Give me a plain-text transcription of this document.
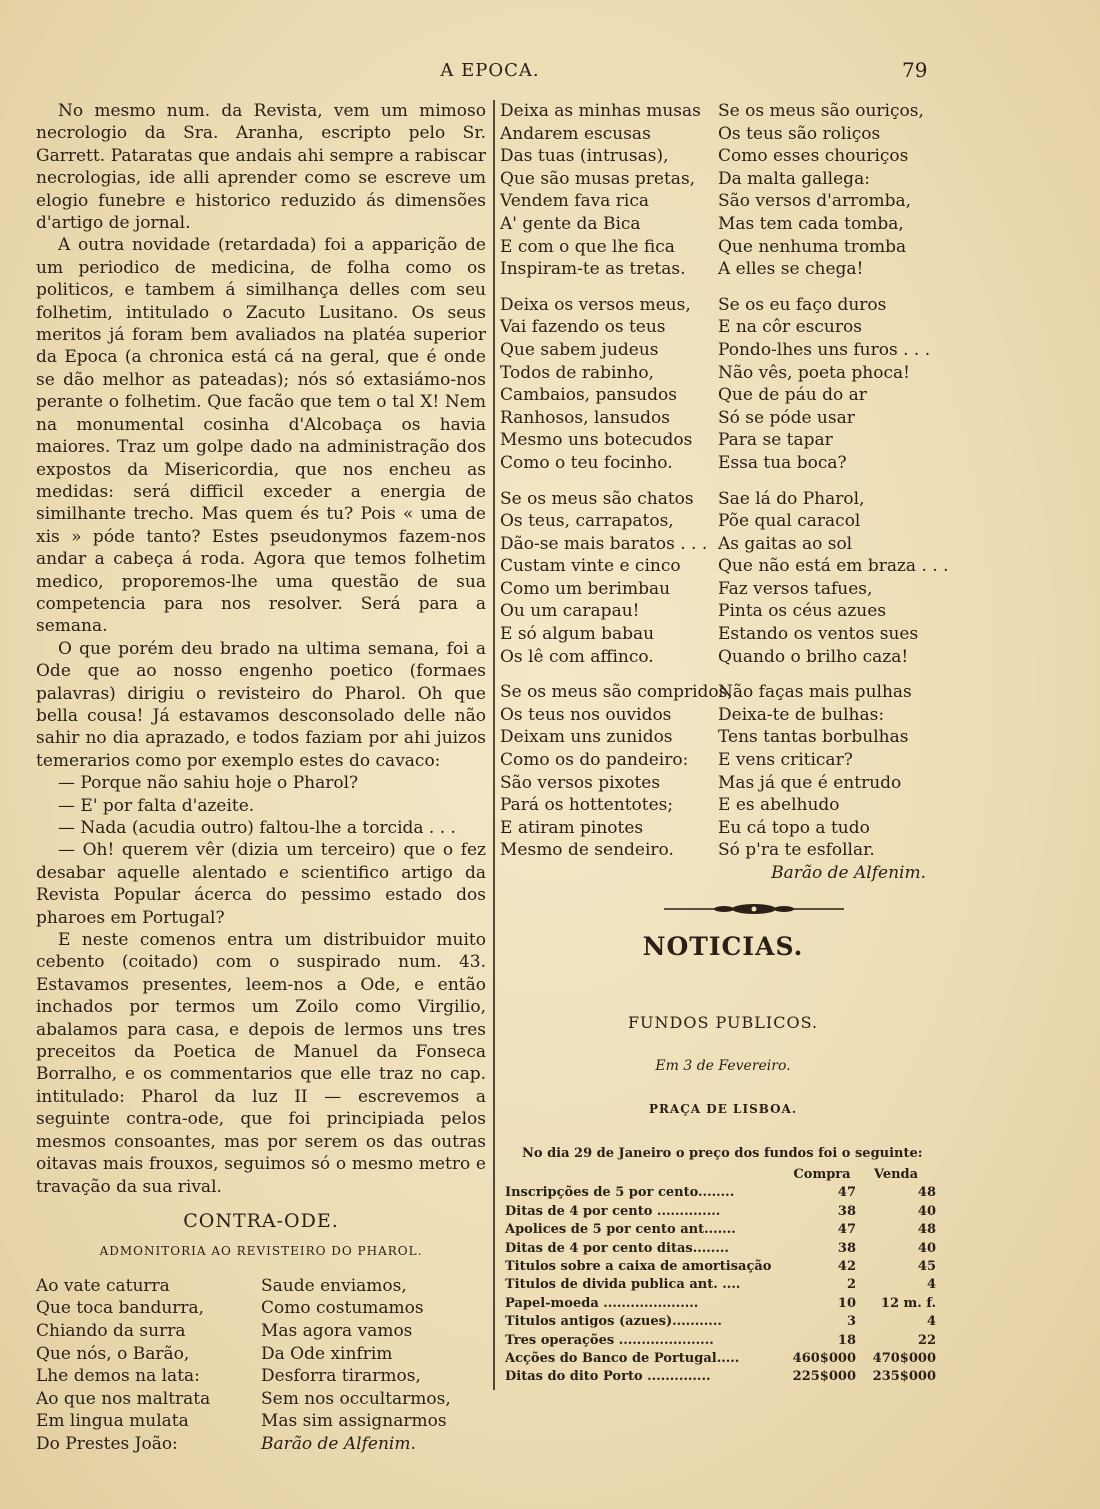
A EPOCA.	79

No mesmo num. da Revista, vem um mimoso necrologio da Sra. Aranha, escripto pelo Sr. Garrett. Pataratas que andais ahi sempre a rabiscar necrologias, ide alli aprender como se escreve um elogio funebre e historico reduzido ás dimensões d'artigo de jornal.

A outra novidade (retardada) foi a apparição de um periodico de medicina, de folha como os politicos, e tambem á similhança delles com seu folhetim, intitulado o Zacuto Lusitano. Os seus meritos já foram bem avaliados na platéa superior da Epoca (a chronica está cá na geral, que é onde se dão melhor as pateadas); nós só extasiámo-nos perante o folhetim. Que facão que tem o tal X! Nem na monumental cosinha d'Alcobaça os havia maiores. Traz um golpe dado na administração dos expostos da Misericordia, que nos encheu as medidas: será difficil exceder a energia de similhante trecho. Mas quem és tu? Pois « uma de xis » póde tanto? Estes pseudonymos fazem-nos andar a cabeça á roda. Agora que temos folhetim medico, proporemos-lhe uma questão de sua competencia para nos resolver. Será para a semana.

O que porém deu brado na ultima semana, foi a Ode que ao nosso engenho poetico (formaes palavras) dirigiu o revisteiro do Pharol. Oh que bella cousa! Já estavamos desconsolado delle não sahir no dia aprazado, e todos faziam por ahi juizos temerarios como por exemplo estes do cavaco:

— Porque não sahiu hoje o Pharol?

— E' por falta d'azeite.

— Nada (acudia outro) faltou-lhe a torcida . . .

— Oh! querem vêr (dizia um terceiro) que o fez desabar aquelle alentado e scientifico artigo da Revista Popular ácerca do pessimo estado dos pharoes em Portugal?

E neste comenos entra um distribuidor muito cebento (coitado) com o suspirado num. 43. Estavamos presentes, leem-nos a Ode, e então inchados por termos um Zoilo como Virgilio, abalamos para casa, e depois de lermos uns tres preceitos da Poetica de Manuel da Fonseca Borralho, e os commentarios que elle traz no cap. intitulado: Pharol da luz II — escrevemos a seguinte contra-ode, que foi principiada pelos mesmos consoantes, mas por serem os das outras oitavas mais frouxos, seguimos só o mesmo metro e travação da sua rival.

CONTRA-ODE.
ADMONITORIA AO REVISTEIRO DO PHAROL.
Ao vate caturra
Que toca bandurra,
Chiando da surra
Que nós, o Barão,
Lhe demos na lata:
Ao que nos maltrata
Em lingua mulata
Do Prestes João:
Saude enviamos,
Como costumamos
Mas agora vamos
Da Ode xinfrim
Desforra tirarmos,
Sem nos occultarmos,
Mas sim assignarmos
Barão de Alfenim.
Deixa as minhas musas
Andarem escusas
Das tuas (intrusas),
Que são musas pretas,
Vendem fava rica
A' gente da Bica
E com o que lhe fica
Inspiram-te as tretas.
Se os meus são ouriços,
Os teus são roliços
Como esses chouriços
Da malta gallega:
São versos d'arromba,
Mas tem cada tomba,
Que nenhuma tromba
A elles se chega!
Deixa os versos meus,
Vai fazendo os teus
Que sabem judeus
Todos de rabinho,
Cambaios, pansudos
Ranhosos, lansudos
Mesmo uns botecudos
Como o teu focinho.
Se os eu faço duros
E na côr escuros
Pondo-lhes uns furos . . .
Não vês, poeta phoca!
Que de páu do ar
Só se póde usar
Para se tapar
Essa tua boca?
Se os meus são chatos
Os teus, carrapatos,
Dão-se mais baratos . . .
Custam vinte e cinco
Como um berimbau
Ou um carapau!
E só algum babau
Os lê com affinco.
Sae lá do Pharol,
Põe qual caracol
As gaitas ao sol
Que não está em braza . . .
Faz versos tafues,
Pinta os céus azues
Estando os ventos sues
Quando o brilho caza!
Se os meus são compridos,
Os teus nos ouvidos
Deixam uns zunidos
Como os do pandeiro:
São versos pixotes
Pará os hottentotes;
E atiram pinotes
Mesmo de sendeiro.
Não faças mais pulhas
Deixa-te de bulhas:
Tens tantas borbulhas
E vens criticar?
Mas já que é entrudo
E es abelhudo
Eu cá topo a tudo
Só p'ra te esfollar.
Barão de Alfenim.
NOTICIAS.
FUNDOS PUBLICOS.
Em 3 de Fevereiro.
PRAÇA DE LISBOA.
No dia 29 de Janeiro o preço dos fundos foi o seguinte:
Compra	Venda
Inscripções de 5 por cento........	47	48
Ditas de 4 por cento ..............	38	40
Apolices de 5 por cento ant.......	47	48
Ditas de 4 por cento ditas........	38	40
Titulos sobre a caixa de amortisação	42	45
Titulos de divida publica ant. ....	2	4
Papel-moeda .....................	10	12 m. f.
Titulos antigos (azues)...........	3	4
Tres operações .....................	18	22
Acções do Banco de Portugal.....	460$000	470$000
Ditas do dito Porto ..............	225$000	235$000
